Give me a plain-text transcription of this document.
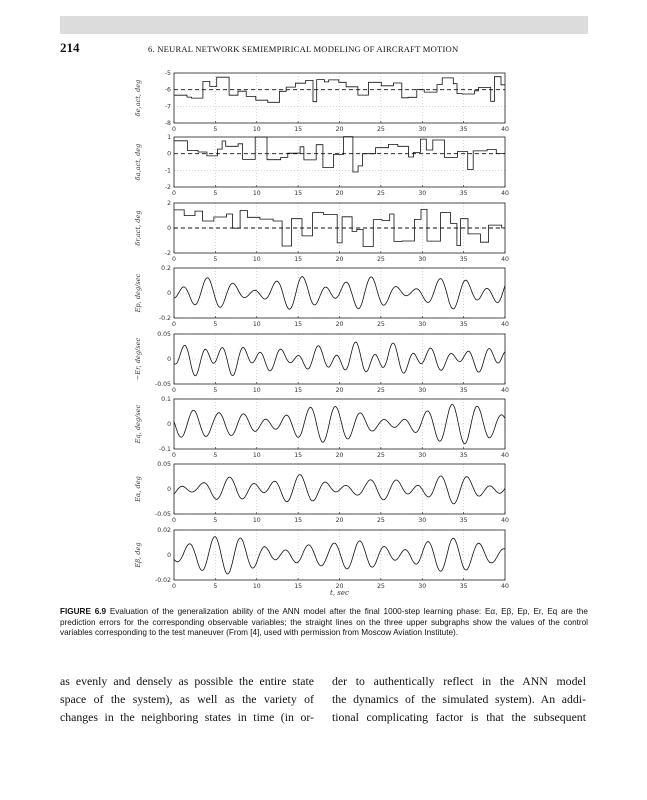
214	6. NEURAL NETWORK SEMIEMPIRICAL MODELING OF AIRCRAFT MOTION
0	5	10	15	20	25	30	35	40
-5
-6
-7
-8
δe,act, deg
0	5	10	15	20	25	30	35	40
1
0
-1
-2
δa,act, deg
0	5	10	15	20	25	30	35	40
2
0
-2
δr,act, deg
0	5	10	15	20	25	30	35	40
0.2
0
-0.2
Ep, deg/sec
0	5	10	15	20	25	30	35	40
0.05
0
-0.05
−Er, deg/sec
0	5	10	15	20	25	30	35	40
0.1
0
-0.1
Eq, deg/sec
0	5	10	15	20	25	30	35	40
0.05
0
-0.05
Eα, deg
0	5	10	15	20	25	30	35	40
0.02
0
-0.02
Eβ, deg
t, sec
FIGURE 6.9 Evaluation of the generalization ability of the ANN model after the final 1000-step learning phase: Eα, Eβ, Ep, Er, Eq are the prediction errors for the corresponding observable variables; the straight lines on the three upper subgraphs show the values of the control variables corresponding to the test maneuver (From [4], used with permission from Moscow Aviation Institute).
as evenly and densely as possible the entire state
space of the system), as well as the variety of
changes in the neighboring states in time (in or-
der to authentically reflect in the ANN model
the dynamics of the simulated system). An addi-
tional complicating factor is that the subsequent
